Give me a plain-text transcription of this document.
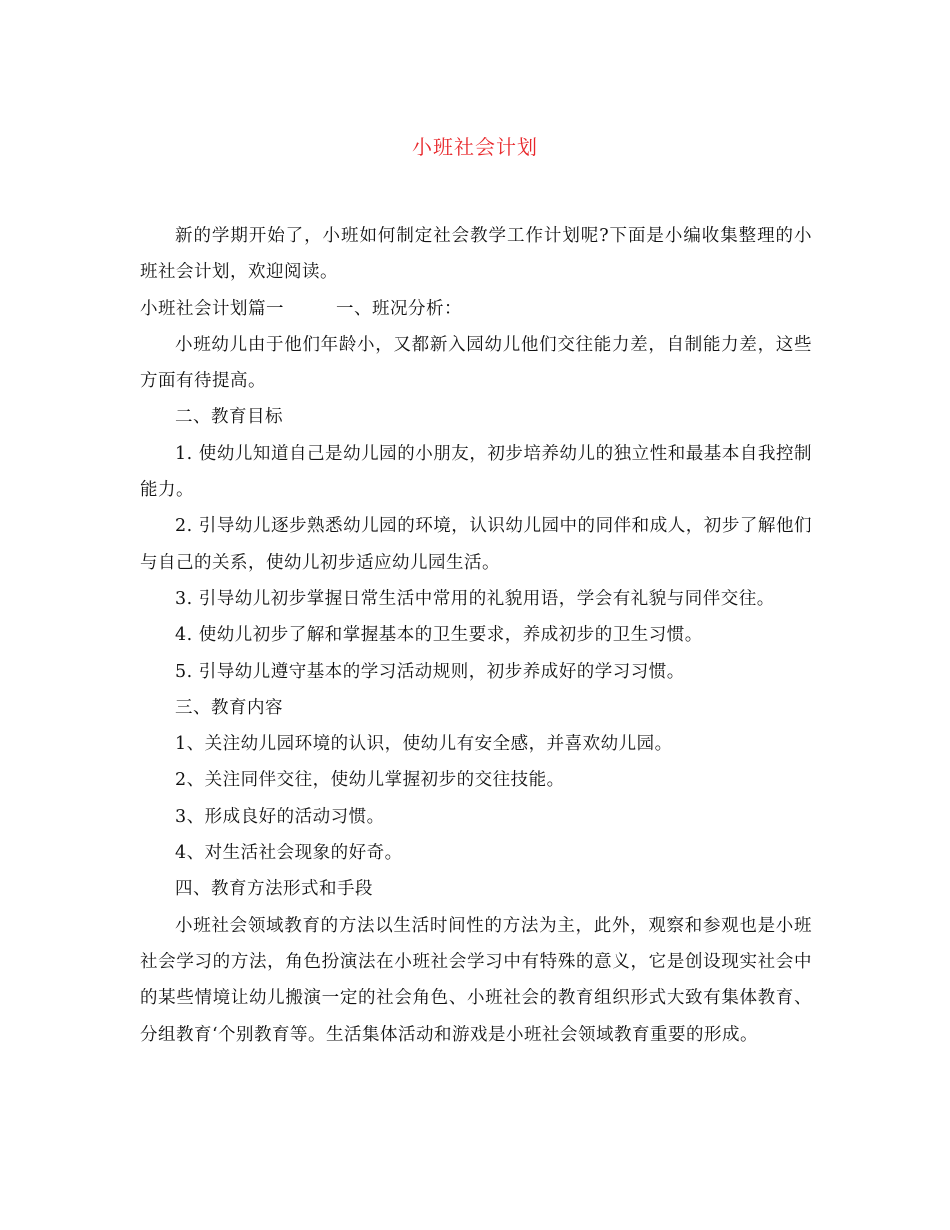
小班社会计划

新的学期开始了，小班如何制定社会教学工作计划呢?下面是小编收集整理的小班社会计划，欢迎阅读。

小班社会计划篇一	一、班况分析：

小班幼儿由于他们年龄小，又都新入园幼儿他们交往能力差，自制能力差，这些方面有待提高。

二、教育目标

1. 使幼儿知道自己是幼儿园的小朋友，初步培养幼儿的独立性和最基本自我控制能力。

2. 引导幼儿逐步熟悉幼儿园的环境，认识幼儿园中的同伴和成人，初步了解他们与自己的关系，使幼儿初步适应幼儿园生活。

3. 引导幼儿初步掌握日常生活中常用的礼貌用语，学会有礼貌与同伴交往。

4. 使幼儿初步了解和掌握基本的卫生要求，养成初步的卫生习惯。

5. 引导幼儿遵守基本的学习活动规则，初步养成好的学习习惯。

三、教育内容

1、关注幼儿园环境的认识，使幼儿有安全感，并喜欢幼儿园。

2、关注同伴交往，使幼儿掌握初步的交往技能。

3、形成良好的活动习惯。

4、对生活社会现象的好奇。

四、教育方法形式和手段

小班社会领域教育的方法以生活时间性的方法为主，此外，观察和参观也是小班社会学习的方法，角色扮演法在小班社会学习中有特殊的意义，它是创设现实社会中的某些情境让幼儿搬演一定的社会角色、小班社会的教育组织形式大致有集体教育、分组教育‘个别教育等。生活集体活动和游戏是小班社会领域教育重要的形成。
